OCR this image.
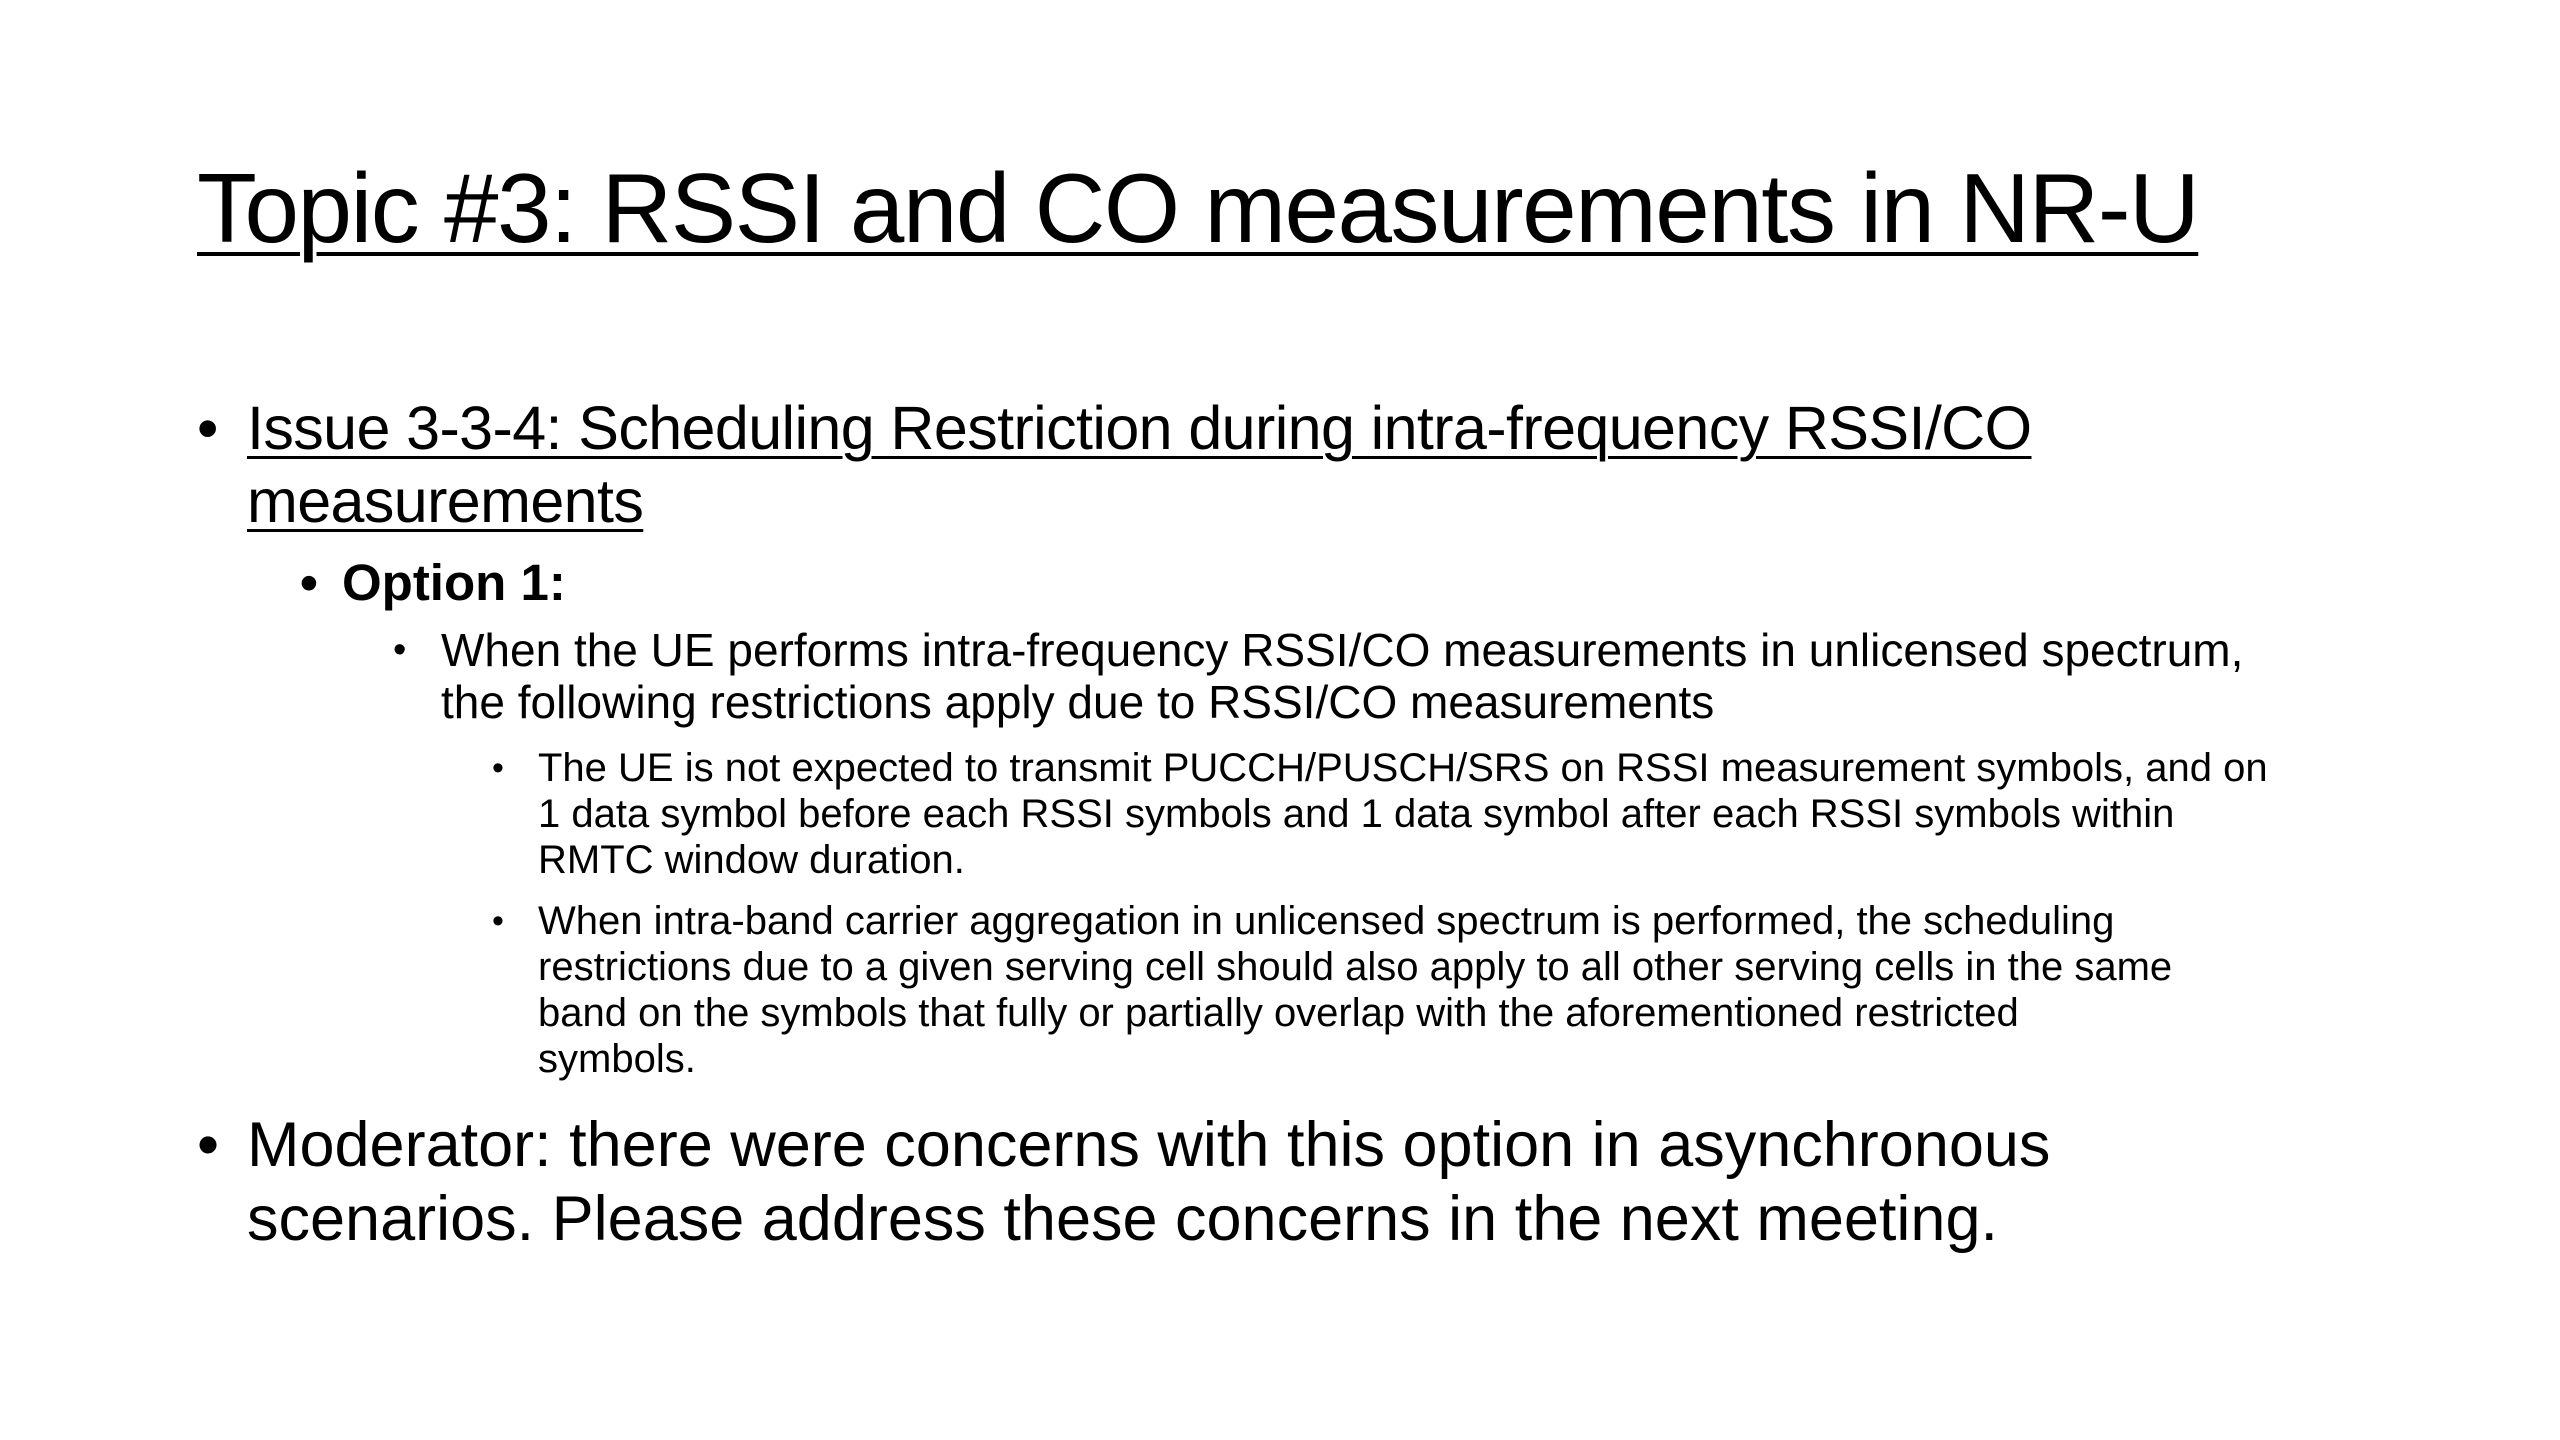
Topic #3: RSSI and CO measurements in NR-U
• Issue 3-3-4: Scheduling Restriction during intra-frequency RSSI/CO
measurements
• Option 1:
• When the UE performs intra-frequency RSSI/CO measurements in unlicensed spectrum,
the following restrictions apply due to RSSI/CO measurements
• The UE is not expected to transmit PUCCH/PUSCH/SRS on RSSI measurement symbols, and on
1 data symbol before each RSSI symbols and 1 data symbol after each RSSI symbols within
RMTC window duration.
• When intra-band carrier aggregation in unlicensed spectrum is performed, the scheduling
restrictions due to a given serving cell should also apply to all other serving cells in the same
band on the symbols that fully or partially overlap with the aforementioned restricted
symbols.
• Moderator: there were concerns with this option in asynchronous
scenarios. Please address these concerns in the next meeting.
